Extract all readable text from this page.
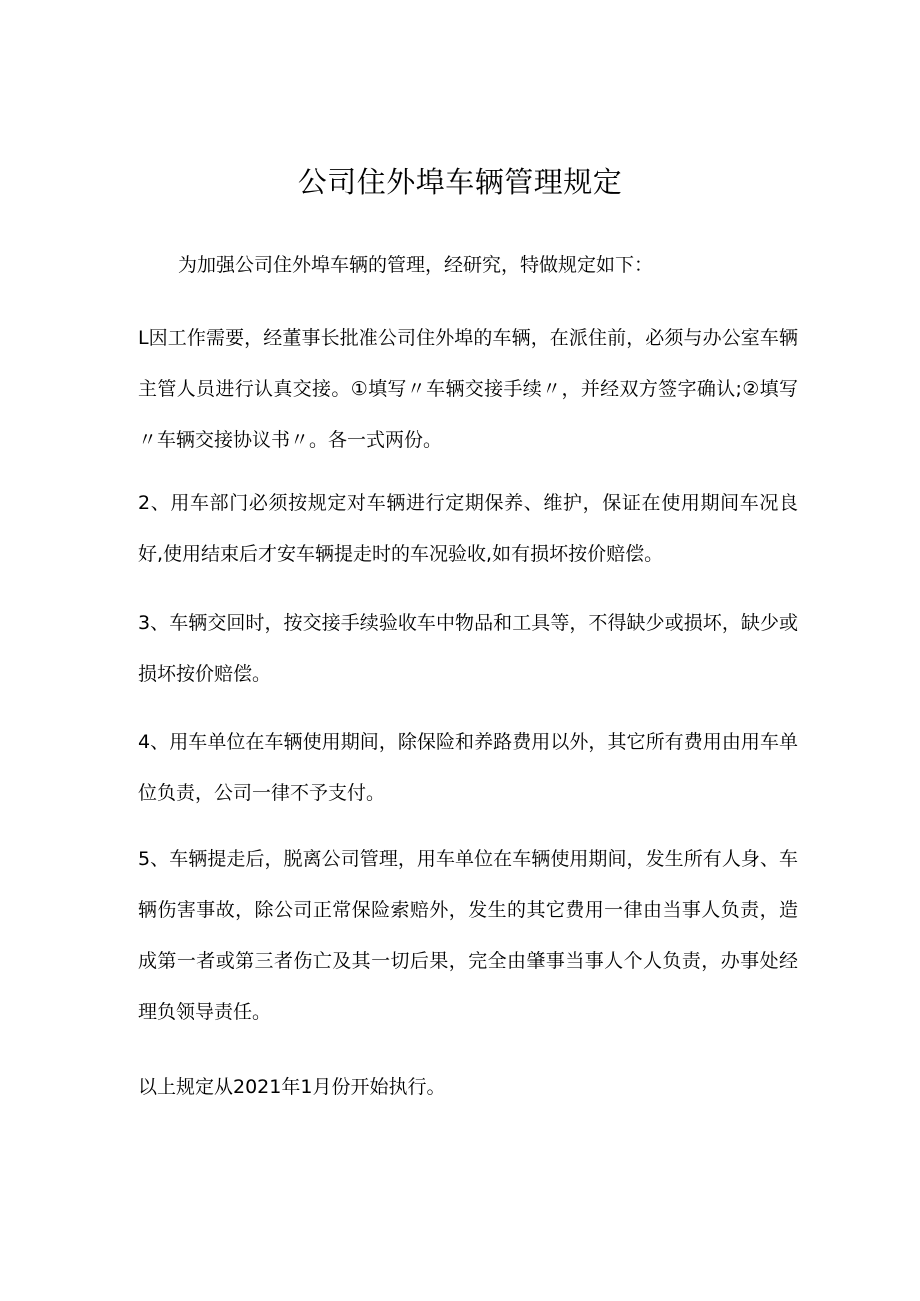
公司住外埠车辆管理规定

为加强公司住外埠车辆的管理，经研究，特做规定如下：

L因工作需要，经董事长批准公司住外埠的车辆，在派住前，必须与办公室车辆主管人员进行认真交接。①填写〃车辆交接手续〃，并经双方签字确认;②填写〃车辆交接协议书〃。各一式两份。

2、用车部门必须按规定对车辆进行定期保养、维护，保证在使用期间车况良好,使用结束后才安车辆提走时的车况验收,如有损坏按价赔偿。

3、车辆交回时，按交接手续验收车中物品和工具等，不得缺少或损坏，缺少或损坏按价赔偿。

4、用车单位在车辆使用期间，除保险和养路费用以外，其它所有费用由用车单位负责，公司一律不予支付。

5、车辆提走后，脱离公司管理，用车单位在车辆使用期间，发生所有人身、车辆伤害事故，除公司正常保险索赔外，发生的其它费用一律由当事人负责，造成第一者或第三者伤亡及其一切后果，完全由肇事当事人个人负责，办事处经理负领导责任。

以上规定从2021年1月份开始执行。
